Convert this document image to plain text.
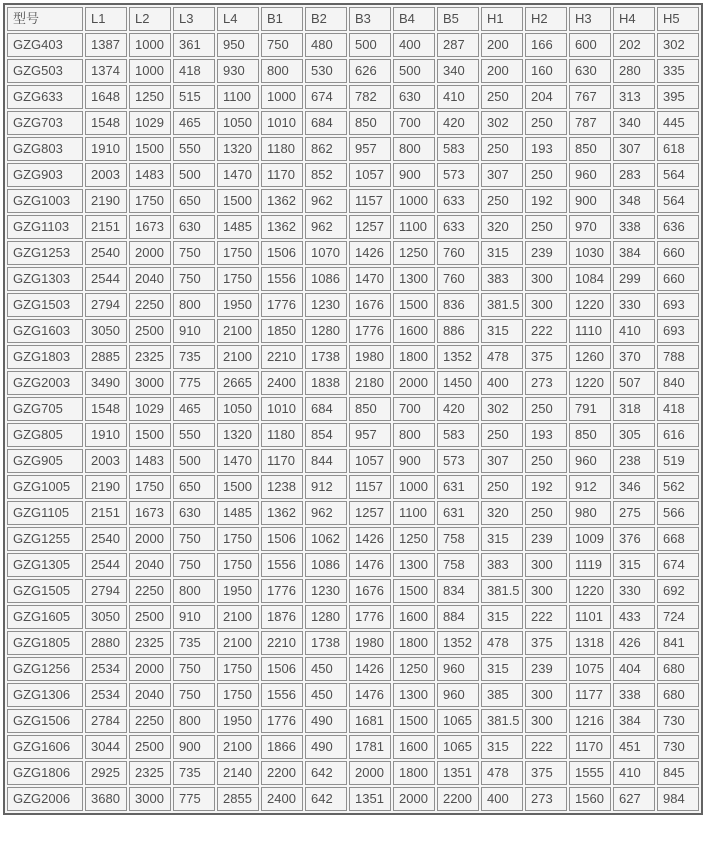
型号	L1	L2	L3	L4	B1	B2	B3	B4	B5	H1	H2	H3	H4	H5
GZG403	1387	1000	361	950	750	480	500	400	287	200	166	600	202	302
GZG503	1374	1000	418	930	800	530	626	500	340	200	160	630	280	335
GZG633	1648	1250	515	1100	1000	674	782	630	410	250	204	767	313	395
GZG703	1548	1029	465	1050	1010	684	850	700	420	302	250	787	340	445
GZG803	1910	1500	550	1320	1180	862	957	800	583	250	193	850	307	618
GZG903	2003	1483	500	1470	1170	852	1057	900	573	307	250	960	283	564
GZG1003	2190	1750	650	1500	1362	962	1157	1000	633	250	192	900	348	564
GZG1103	2151	1673	630	1485	1362	962	1257	1100	633	320	250	970	338	636
GZG1253	2540	2000	750	1750	1506	1070	1426	1250	760	315	239	1030	384	660
GZG1303	2544	2040	750	1750	1556	1086	1470	1300	760	383	300	1084	299	660
GZG1503	2794	2250	800	1950	1776	1230	1676	1500	836	381.5	300	1220	330	693
GZG1603	3050	2500	910	2100	1850	1280	1776	1600	886	315	222	1110	410	693
GZG1803	2885	2325	735	2100	2210	1738	1980	1800	1352	478	375	1260	370	788
GZG2003	3490	3000	775	2665	2400	1838	2180	2000	1450	400	273	1220	507	840
GZG705	1548	1029	465	1050	1010	684	850	700	420	302	250	791	318	418
GZG805	1910	1500	550	1320	1180	854	957	800	583	250	193	850	305	616
GZG905	2003	1483	500	1470	1170	844	1057	900	573	307	250	960	238	519
GZG1005	2190	1750	650	1500	1238	912	1157	1000	631	250	192	912	346	562
GZG1105	2151	1673	630	1485	1362	962	1257	1100	631	320	250	980	275	566
GZG1255	2540	2000	750	1750	1506	1062	1426	1250	758	315	239	1009	376	668
GZG1305	2544	2040	750	1750	1556	1086	1476	1300	758	383	300	1119	315	674
GZG1505	2794	2250	800	1950	1776	1230	1676	1500	834	381.5	300	1220	330	692
GZG1605	3050	2500	910	2100	1876	1280	1776	1600	884	315	222	1101	433	724
GZG1805	2880	2325	735	2100	2210	1738	1980	1800	1352	478	375	1318	426	841
GZG1256	2534	2000	750	1750	1506	450	1426	1250	960	315	239	1075	404	680
GZG1306	2534	2040	750	1750	1556	450	1476	1300	960	385	300	1177	338	680
GZG1506	2784	2250	800	1950	1776	490	1681	1500	1065	381.5	300	1216	384	730
GZG1606	3044	2500	900	2100	1866	490	1781	1600	1065	315	222	1170	451	730
GZG1806	2925	2325	735	2140	2200	642	2000	1800	1351	478	375	1555	410	845
GZG2006	3680	3000	775	2855	2400	642	1351	2000	2200	400	273	1560	627	984
